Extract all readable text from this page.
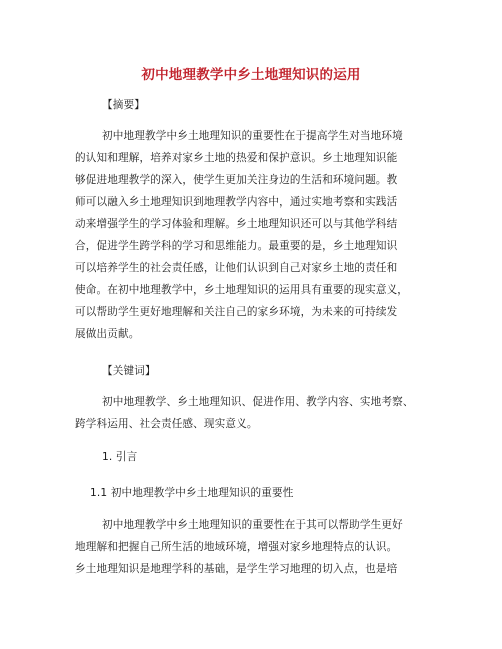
初中地理教学中乡土地理知识的运用
【摘要】
初中地理教学中乡土地理知识的重要性在于提高学生对当地环境
的认知和理解，培养对家乡土地的热爱和保护意识。乡土地理知识能
够促进地理教学的深入，使学生更加关注身边的生活和环境问题。教
师可以融入乡土地理知识到地理教学内容中，通过实地考察和实践活
动来增强学生的学习体验和理解。乡土地理知识还可以与其他学科结
合，促进学生跨学科的学习和思维能力。最重要的是，乡土地理知识
可以培养学生的社会责任感，让他们认识到自己对家乡土地的责任和
使命。在初中地理教学中，乡土地理知识的运用具有重要的现实意义，
可以帮助学生更好地理解和关注自己的家乡环境，为未来的可持续发
展做出贡献。
【关键词】
初中地理教学、乡土地理知识、促进作用、教学内容、实地考察、
跨学科运用、社会责任感、现实意义。
1. 引言
1.1 初中地理教学中乡土地理知识的重要性
初中地理教学中乡土地理知识的重要性在于其可以帮助学生更好
地理解和把握自己所生活的地域环境，增强对家乡地理特点的认识。
乡土地理知识是地理学科的基础，是学生学习地理的切入点，也是培
